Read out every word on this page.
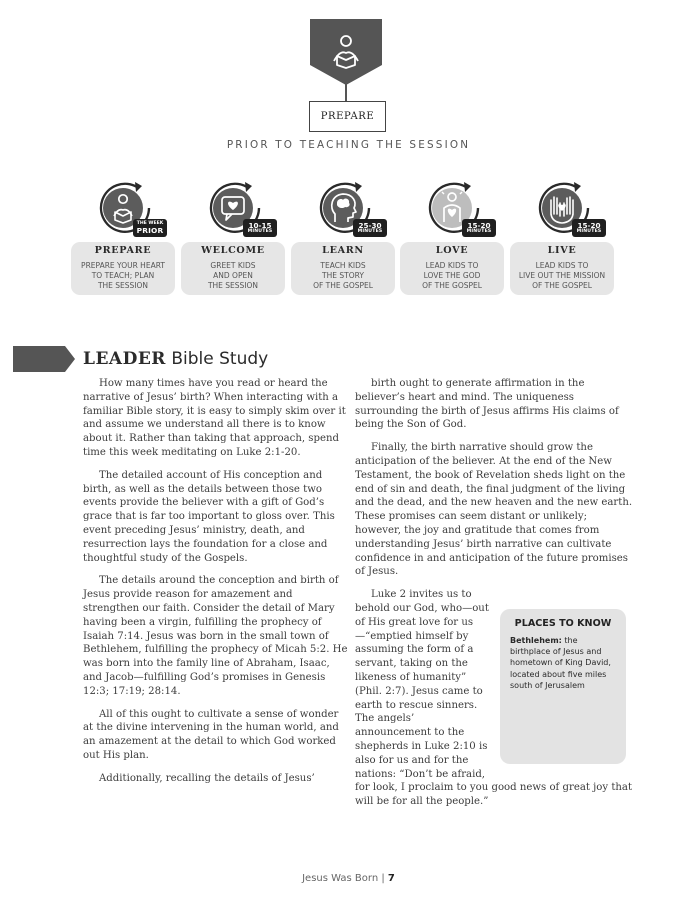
PREPARE
PRIOR TO TEACHING THE SESSION
THE WEEK
PRIOR
PREPARE
PREPARE YOUR HEART
TO TEACH; PLAN
THE SESSION
10-15
MINUTES
WELCOME
GREET KIDS
AND OPEN
THE SESSION
25-30
MINUTES
LEARN
TEACH KIDS
THE STORY
OF THE GOSPEL
15-20
MINUTES
LOVE
LEAD KIDS TO
LOVE THE GOD
OF THE GOSPEL
15-20
MINUTES
LIVE
LEAD KIDS TO
LIVE OUT THE MISSION
OF THE GOSPEL
LEADER Bible Study

How many times have you read or heard the narrative of Jesus’ birth? When interacting with a familiar Bible story, it is easy to simply skim over it and assume we understand all there is to know about it. Rather than taking that approach, spend time this week meditating on Luke 2:1-20.

The detailed account of His conception and birth, as well as the details between those two events provide the believer with a gift of God’s grace that is far too important to gloss over. This event preceding Jesus’ ministry, death, and resurrection lays the foundation for a close and thoughtful study of the Gospels.

The details around the conception and birth of Jesus provide reason for amazement and strengthen our faith. Consider the detail of Mary having been a virgin, fulfilling the prophecy of Isaiah 7:14. Jesus was born in the small town of Bethlehem, fulfilling the prophecy of Micah 5:2. He was born into the family line of Abraham, Isaac, and Jacob—fulfilling God’s promises in Genesis 12:3; 17:19; 28:14.

All of this ought to cultivate a sense of wonder at the divine intervening in the human world, and an amazement at the detail to which God worked out His plan.

Additionally, recalling the details of Jesus’

birth ought to generate affirmation in the believer’s heart and mind. The uniqueness surrounding the birth of Jesus affirms His claims of being the Son of God.

Finally, the birth narrative should grow the anticipation of the believer. At the end of the New Testament, the book of Revelation sheds light on the end of sin and death, the final judgment of the living and the dead, and the new heaven and the new earth. These promises can seem distant or unlikely; however, the joy and gratitude that comes from understanding Jesus’ birth narrative can cultivate confidence in and anticipation of the future promises of Jesus.

Luke 2 invites us to behold our God, who—out of His great love for us—“emptied himself by assuming the form of a servant, taking on the likeness of humanity” (Phil. 2:7). Jesus came to earth to rescue sinners. The angels’ announcement to the shepherds in Luke 2:10 is also for us and for the nations: “Don’t be afraid, for look, I proclaim to you good news of great joy that will be for all the people.”

PLACES TO KNOW
Bethlehem: the birthplace of Jesus and hometown of King David, located about five miles south of Jerusalem
Jesus Was Born | 7
